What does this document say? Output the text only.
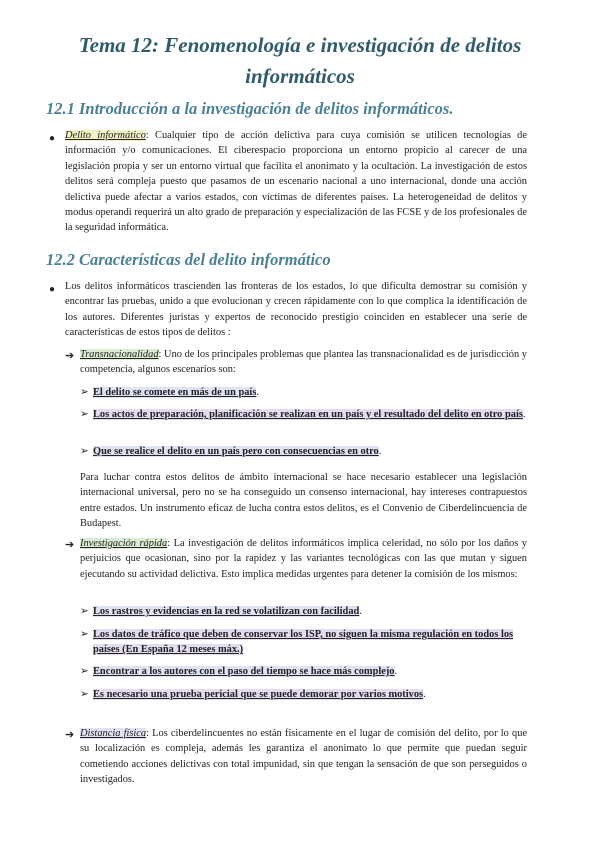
Tema 12: Fenomenología e investigación de delitos
informáticos
12.1 Introducción a la investigación de delitos informáticos.
● Delito informático: Cualquier tipo de acción delictiva para cuya comisión se utilicen tecnologías de información y/o comunicaciones. El ciberespacio proporciona un entorno propicio al carecer de una legislación propia y ser un entorno virtual que facilita el anonimato y la ocultación. La investigación de estos delitos será compleja puesto que pasamos de un escenario nacional a uno internacional, donde una acción delictiva puede afectar a varios estados, con víctimas de diferentes países. La heterogeneidad de delitos y modus operandi requerirá un alto grado de preparación y especialización de las FCSE y de los profesionales de la seguridad informática.

12.2 Características del delito informático
● Los delitos informáticos trascienden las fronteras de los estados, lo que dificulta demostrar su comisión y encontrar las pruebas, unido a que evolucionan y crecen rápidamente con lo que complica la identificación de los autores. Diferentes juristas y expertos de reconocido prestigio coinciden en establecer una serie de características de estos tipos de delitos :

➔ Transnacionalidad: Uno de los principales problemas que plantea las transnacionalidad es de jurisdicción y competencia, algunos escenarios son:

➢ El delito se comete en más de un país.
➢ Los actos de preparación, planificación se realizan en un país y el resultado del delito en otro país.
➢ Que se realice el delito en un país pero con consecuencias en otro.

Para luchar contra estos delitos de ámbito internacional se hace necesario establecer una legislación internacional universal, pero no se ha conseguido un consenso internacional, hay intereses contrapuestos entre estados. Un instrumento eficaz de lucha contra estos delitos, es el Convenio de Ciberdelincuencia de Budapest.

➔ Investigación rápida: La investigación de delitos informáticos implica celeridad, no sólo por los daños y perjuicios que ocasionan, sino por la rapidez y las variantes tecnológicas con las que mutan y siguen ejecutando su actividad delictiva. Esto implica medidas urgentes para detener la comisión de los mismos:

➢ Los rastros y evidencias en la red se volatilizan con facilidad.
➢ Los datos de tráfico que deben de conservar los ISP, no siguen la misma regulación en todos los países (En España 12 meses máx.)
➢ Encontrar a los autores con el paso del tiempo se hace más complejo.
➢ Es necesario una prueba pericial que se puede demorar por varios motivos.
➔ Distancia física: Los ciberdelincuentes no están físicamente en el lugar de comisión del delito, por lo que su localización es compleja, además les garantiza el anonimato lo que permite que puedan seguir cometiendo acciones delictivas con total impunidad, sin que tengan la sensación de que son perseguidos o investigados.
